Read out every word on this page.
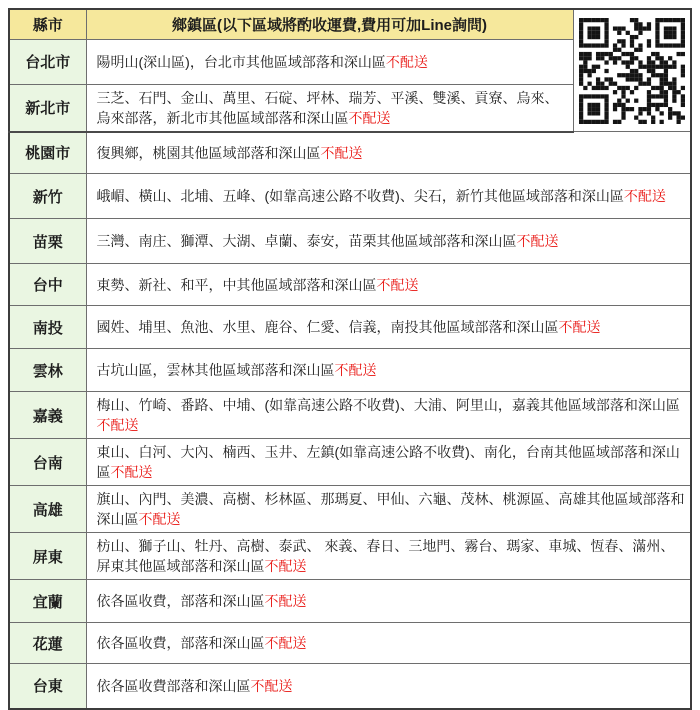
縣市	鄉鎮區(以下區域將酌收運費,費用可加Line詢問)	

台北市	陽明山(深山區)，台北市其他區域部落和深山區不配送	
新北市	三芝、石門、金山、萬里、石碇、坪林、瑞芳、平溪、雙溪、貢寮、烏來、烏來部落，新北市其他區域部落和深山區不配送	
桃園市	復興鄉，桃園其他區域部落和深山區不配送	
新竹	峨嵋、橫山、北埔、五峰、(如靠高速公路不收費)、尖石，新竹其他區域部落和深山區不配送	
苗栗	三灣、南庄、獅潭、大湖、卓蘭、泰安，苗栗其他區域部落和深山區不配送	
台中	東勢、新社、和平，中其他區域部落和深山區不配送	
南投	國姓、埔里、魚池、水里、鹿谷、仁愛、信義，南投其他區域部落和深山區不配送	
雲林	古坑山區，雲林其他區域部落和深山區不配送	
嘉義	梅山、竹崎、番路、中埔、(如靠高速公路不收費)、大浦、阿里山，嘉義其他區域部落和深山區不配送	
台南	東山、白河、大內、楠西、玉井、左鎮(如靠高速公路不收費)、南化，台南其他區域部落和深山區不配送	
高雄	旗山、內門、美濃、高樹、杉林區、那瑪夏、甲仙、六龜、茂林、桃源區、高雄其他區域部落和深山區不配送	
屏東	枋山、獅子山、牡丹、高樹、泰武、 來義、春日、三地門、霧台、瑪家、車城、恆春、滿州、屏東其他區域部落和深山區不配送	
宜蘭	依各區收費，部落和深山區不配送	
花蓮	依各區收費，部落和深山區不配送	
台東	依各區收費部落和深山區不配送	
